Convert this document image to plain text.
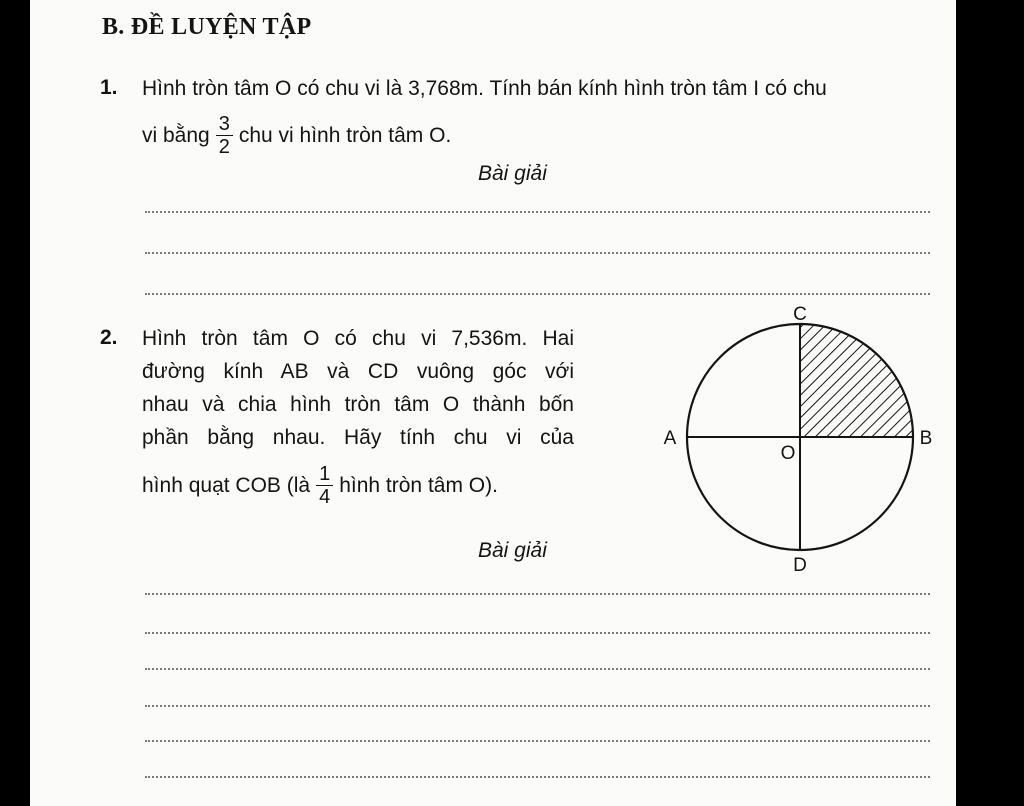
B. ĐỀ LUYỆN TẬP
1. Hình tròn tâm O có chu vi là 3,768m. Tính bán kính hình tròn tâm I có chu
vi bằng $\frac{3}{2}$ chu vi hình tròn tâm O.
Bài giải
2. Hình tròn tâm O có chu vi 7,536m. Hai
đường kính AB và CD vuông góc với
nhau và chia hình tròn tâm O thành bốn
phần bằng nhau. Hãy tính chu vi của
hình quạt COB (là $\frac{1}{4}$ hình tròn tâm O).
Bài giải
C
A	B
D
O
